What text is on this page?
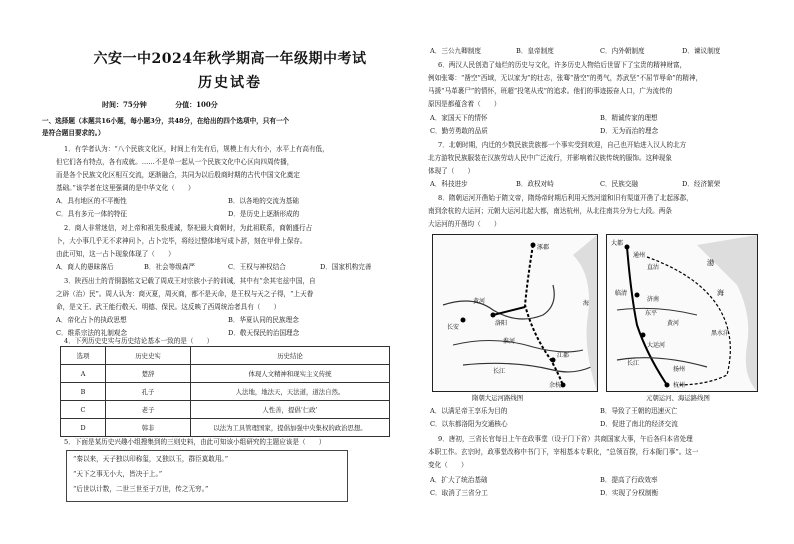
六安一中2024年秋学期高一年级期中考试
历史试卷
时间：75分钟	分值：100分
一、选择题（本题共16小题，每小题3分，共48分，在给出的四个选项中，只有一个
是符合题目要求的。）
1．有学者认为：“八个民族文化区，时间上有先有后，规模上有大有小，水平上有高有低，
但它们各有特点，各有成就。……不是单一起从一个民族文化中心区向四周传播，
而是各个民族文化区相互交流，逐渐融合，共同为以后殷商时期的古代中国文化奠定
基础。”该学者在这里强调的是中华文化（　　）
A．具有地区的不平衡性	B．以各地的交流为基础
C．具有多元一体的特征	D．是历史上逐渐形成的
2．商人非常迷信，对上帝和祖先极虔诚，祭祀最大商朝时，为此祖联系，商朝盛行占
卜，大小事几乎无不求神问卜，占卜完毕，将经过整体地写成卜辞，刻在甲骨上保存。
由此可知，这一占卜现象体现了（　　）
A．商人的愚昧落后	B．社会等级森严	C．王权与神权结合	D．国家机构完善
3．陕西出土的青铜器铭文记载了周成王对宗族小子的训诫，其中有“余其宅兹中国，自
之辟（治）民”。周人认为：商灭夏，周灭商，都不是天命，是王权与天之子得，“上天眷
命，是文王、武王能行敬天、明德、保民。这反映了西周统治者具有（　　）
A．帝化占卜的执政思想	B．华夏认同的民族理念
C．维系宗法的礼制观念	D．敬天保民的治国理念
4．下列历史史实与历史结论基本一致的是（　　）
选项	历史史实	历史结论
A	楚辞	体现人文精神和现实主义传统
B	孔子	人法地，地法天，天法道，道法自然。
C	老子	人性善，提倡‘仁政’
D	韩非	以法为工具管理国家，提倡加强中央集权的政治思想。
5．下面是某历史兴趣小组搜集到的三则史料，由此可知该小组研究的主题应该是（　　）
“秦以来，天子独以印称玺，又独以玉，群臣莫敢用。”
“天下之事无小大，皆决于上。”
“后世以计数，二世三世至于万世，传之无穷。”
A．三公九卿制度	B．皇帝制度	C．内外朝制度	D．谏议制度
6．两汉人民创造了灿烂的历史与文化，许多历史人物给后世留下了宝贵的精神财富，
例如张骞：“凿空”西域，无以家为”的壮志，张骞“凿空”的勇气，苏武坚“不屈节辱命”的精神，
马援“马革裹尸”的情怀，班超“投笔从戎”的追求。他们的事迹振奋人口，广为流传的
原因是都蕴含着（　　）
A．家国天下的情怀	B．精诚传家的理想
C．勤劳勇敢的品质	D．无为而治的理念
7．北朝时期，内迁的少数民族贵族都一个事实受到欢迎，自己也开始进入汉人的北方
北方游牧民族服装在汉族劳动人民中广泛流行，并影响着汉族传统的服饰。这种现象
体现了（　　）
A．科技进步	B．政权对峙	C．民族交融	D．经济繁荣
8．隋朝运河开凿始于隋文帝，隋炀帝时期后利用天然河道和旧有渠道开凿了北起涿郡，
南到余杭的大运河；元朝大运河北起大都，南达杭州，从北往南共分为七大段。两条
大运河的开凿均（　　）
涿郡
黄河
洛阳
长安
淮河
江都
长江
余杭
海
隋朝大运河路线图
大都
通州
直沽
渤
海
济南
临清
东平
黄河
大运河
扬州
长江
杭州
黑水洋
元朝运河、海运路线图
A．以满足帝王享乐为目的	B．导致了王朝的迅速灭亡
C．以东都洛阳为交通核心	D．促进了南北的经济交流
9．唐初，三省长官每日上午在政事堂（设于门下省）共商国家大事，午后各归本省处理
本职工作。玄宗时，政事堂改称中书门下，宰相基本专职化，“总领百揆，行本衙门事”。这一
变化（　　）
A．扩大了统治基础	B．提高了行政效率
C．取消了三省分工	D．实现了分权制衡
